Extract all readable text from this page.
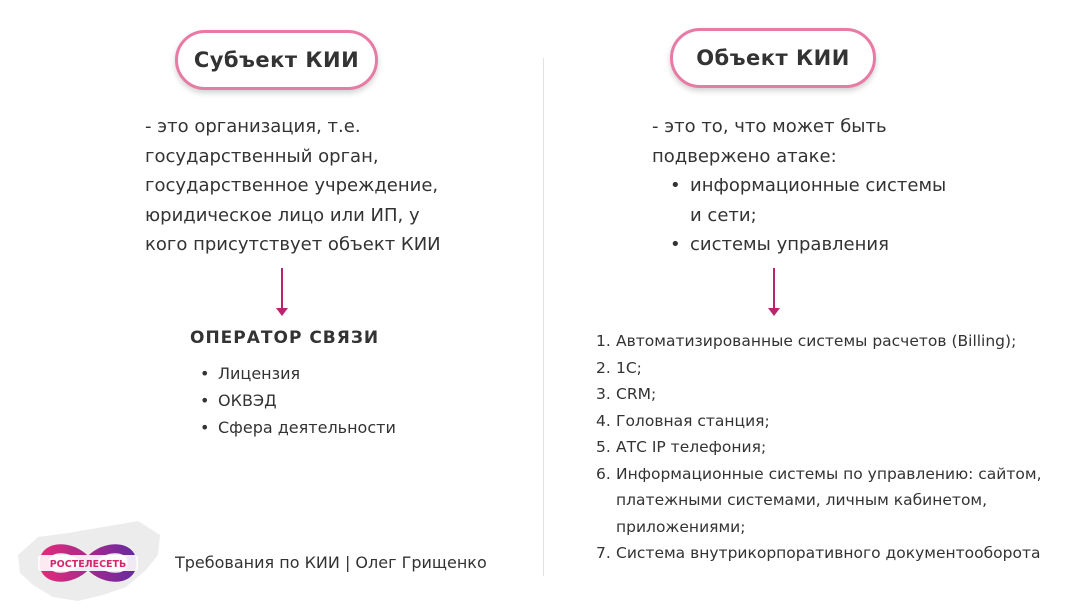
Субъект КИИ	Объект КИИ
- это организация, т.е.
государственный орган,
государственное учреждение,
юридическое лицо или ИП, у
кого присутствует объект КИИ
- это то, что может быть
подвержено атаке:
• информационные системы
и сети;
• системы управления
ОПЕРАТОР СВЯЗИ
• Лицензия
• ОКВЭД
• Сфера деятельности
1. Автоматизированные системы расчетов (Billing);
2. 1С;
3. CRM;
4. Головная станция;
5. АТС IP телефония;
6. Информационные системы по управлению: сайтом, платежными системами, личным кабинетом, приложениями;
7. Система внутрикорпоративного документооборота
РОСТЕЛЕСЕТЬ	Требования по КИИ | Олег Грищенко
